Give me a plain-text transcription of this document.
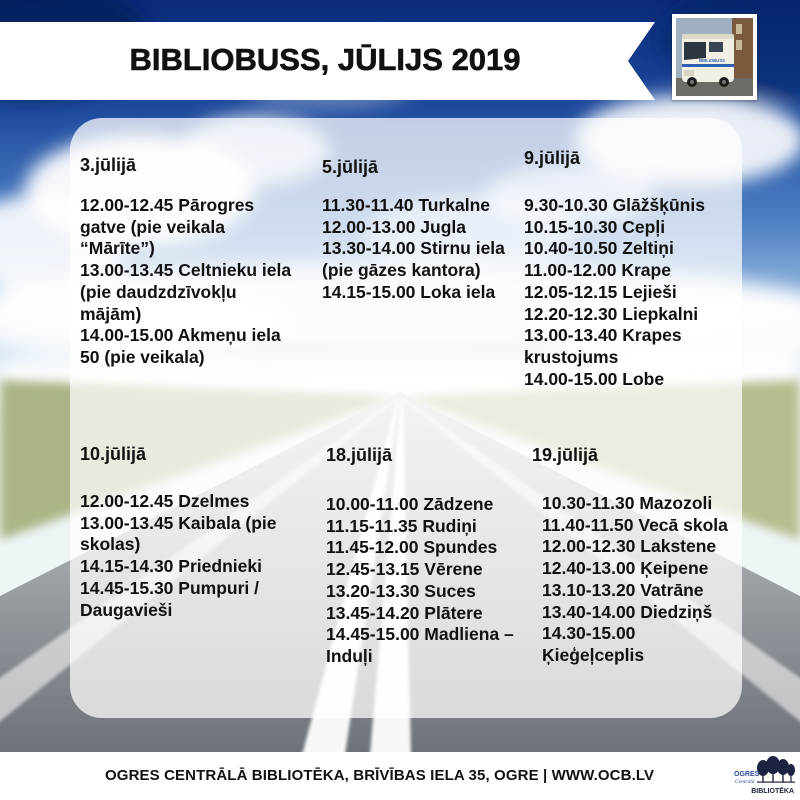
BIBLIOBUSS, JŪLIJS 2019	BIBLIOBUSS
3.jūlijā
12.00-12.45 Pārogres gatve (pie veikala “Mārīte”)
13.00-13.45 Celtnieku iela (pie daudzdzīvokļu mājām)
14.00-15.00 Akmeņu iela 50 (pie veikala)
5.jūlijā
11.30-11.40 Turkalne
12.00-13.00 Jugla
13.30-14.00 Stirnu iela (pie gāzes kantora)
14.15-15.00 Loka iela
9.jūlijā
9.30-10.30 Glāžšķūnis
10.15-10.30 Cepļi
10.40-10.50 Zeltiņi
11.00-12.00 Krape
12.05-12.15 Lejieši
12.20-12.30 Liepkalni
13.00-13.40 Krapes krustojums
14.00-15.00 Lobe
10.jūlijā
12.00-12.45 Dzelmes
13.00-13.45 Kaibala (pie skolas)
14.15-14.30 Priednieki
14.45-15.30 Pumpuri / Daugavieši
18.jūlijā
10.00-11.00 Zādzene
11.15-11.35 Rudiņi
11.45-12.00 Spundes
12.45-13.15 Vērene
13.20-13.30 Suces
13.45-14.20 Plātere
14.45-15.00 Madliena – Induļi
19.jūlijā
10.30-11.30 Mazozoli
11.40-11.50 Vecā skola
12.00-12.30 Lakstene
12.40-13.00 Ķeipene
13.10-13.20 Vatrāne
13.40-14.00 Diedziņš
14.30-15.00 Ķieģeļceplis
OGRES CENTRĀLĀ BIBLIOTĒKA, BRĪVĪBAS IELA 35, OGRE | WWW.OCB.LV	OGRES
Centrālā
BIBLIOTĒKA
